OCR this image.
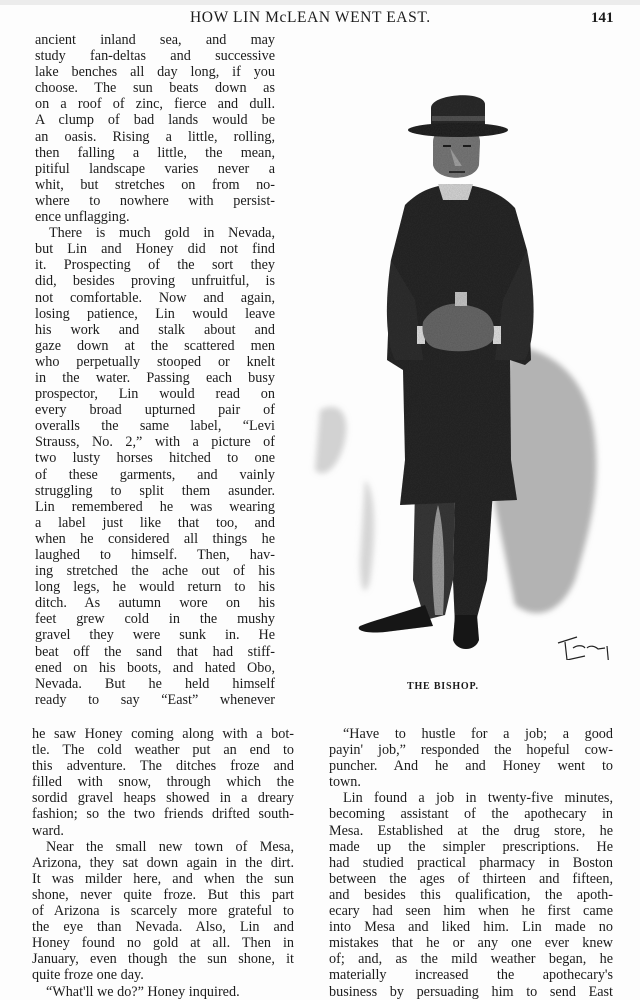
HOW LIN McLEAN WENT EAST.	141
ancient inland sea, and may
study fan-deltas and successive
lake benches all day long, if you
choose. The sun beats down as
on a roof of zinc, fierce and dull.
A clump of bad lands would be
an oasis. Rising a little, rolling,
then falling a little, the mean,
pitiful landscape varies never a
whit, but stretches on from no-
where to nowhere with persist-
ence unflagging.
There is much gold in Nevada,
but Lin and Honey did not find
it. Prospecting of the sort they
did, besides proving unfruitful, is
not comfortable. Now and again,
losing patience, Lin would leave
his work and stalk about and
gaze down at the scattered men
who perpetually stooped or knelt
in the water. Passing each busy
prospector, Lin would read on
every broad upturned pair of
overalls the same label, “Levi
Strauss, No. 2,” with a picture of
two lusty horses hitched to one
of these garments, and vainly
struggling to split them asunder.
Lin remembered he was wearing
a label just like that too, and
when he considered all things he
laughed to himself. Then, hav-
ing stretched the ache out of his
long legs, he would return to his
ditch. As autumn wore on his
feet grew cold in the mushy
gravel they were sunk in. He
beat off the sand that had stiff-
ened on his boots, and hated Obo,
Nevada. But he held himself
ready to say “East” whenever
THE BISHOP.
he saw Honey coming along with a bot-
tle. The cold weather put an end to
this adventure. The ditches froze and
filled with snow, through which the
sordid gravel heaps showed in a dreary
fashion; so the two friends drifted south-
ward.
Near the small new town of Mesa,
Arizona, they sat down again in the dirt.
It was milder here, and when the sun
shone, never quite froze. But this part
of Arizona is scarcely more grateful to
the eye than Nevada. Also, Lin and
Honey found no gold at all. Then in
January, even though the sun shone, it
quite froze one day.
“What'll we do?” Honey inquired.
“Have to hustle for a job; a good
payin' job,” responded the hopeful cow-
puncher. And he and Honey went to
town.
Lin found a job in twenty-five minutes,
becoming assistant of the apothecary in
Mesa. Established at the drug store, he
made up the simpler prescriptions. He
had studied practical pharmacy in Boston
between the ages of thirteen and fifteen,
and besides this qualification, the apoth-
ecary had seen him when he first came
into Mesa and liked him. Lin made no
mistakes that he or any one ever knew
of; and, as the mild weather began, he
materially increased the apothecary's
business by persuading him to send East
